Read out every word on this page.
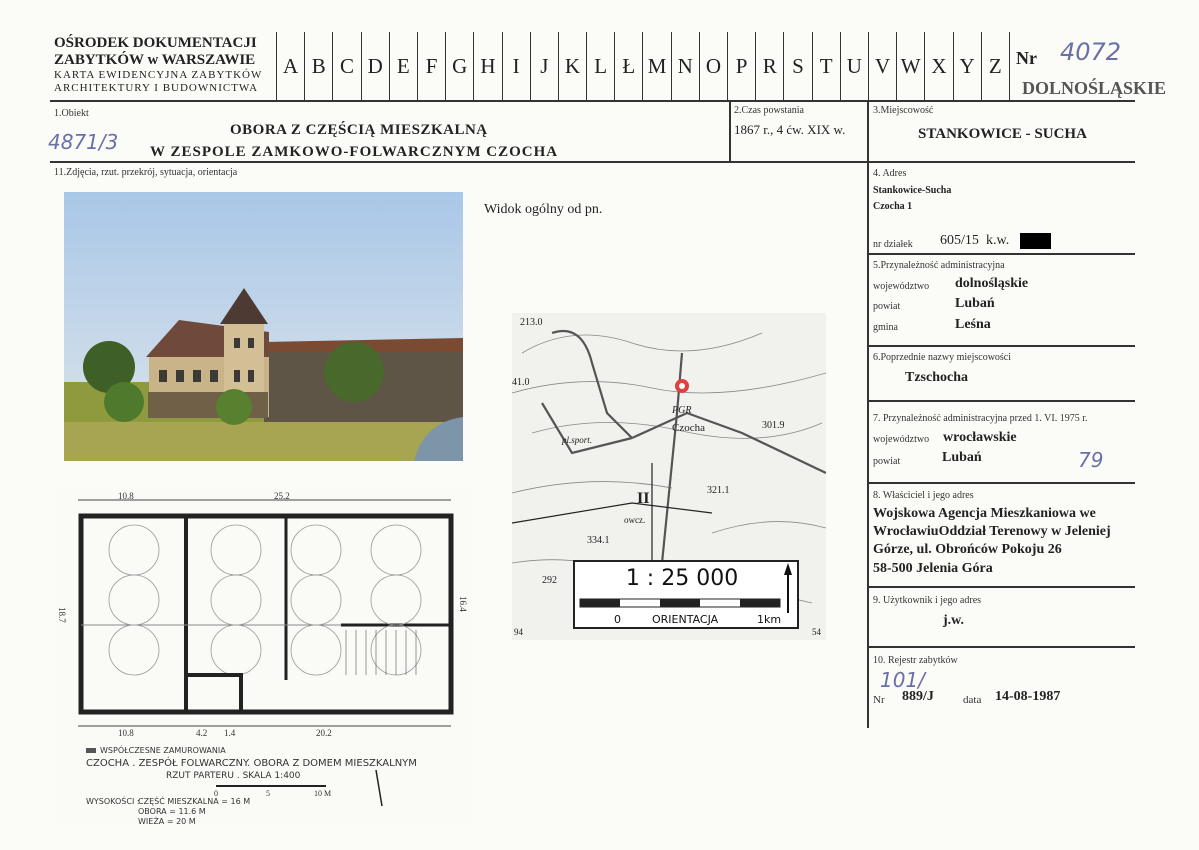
OŚRODEK DOKUMENTACJI
ZABYTKÓW w WARSZAWIE
KARTA EWIDENCYJNA ZABYTKÓW
ARCHITEKTURY I BUDOWNICTWA
A B C D E F G H I J K L Ł M N O P R S T U V W X Y Z Nr 4072
DOLNOŚLĄSKIE
1.Obiekt
4871/3	OBORA Z CZĘŚCIĄ MIESZKALNĄ
W ZESPOLE ZAMKOWO-FOLWARCZNYM CZOCHA
2.Czas powstania
1867 r., 4 ćw. XIX w.
3.Miejscowość
STANKOWICE - SUCHA
11.Zdjęcia, rzut. przekrój, sytuacja, orientacja
Widok ogólny od pn.
PGR
Czocha	301.9
pl.sport.
321.1
334.1
II
41.0
213.0
292
94	54
owcz.
1 : 25 000
0	ORIENTACJA	1km
10.8	25.2
10.8	4.2 1.4	20.2
18.7
16.4
WSPÓŁCZESNE ZAMUROWANIA
CZOCHA . ZESPÓŁ FOLWARCZNY. OBORA Z DOMEM MIESZKALNYM
RZUT PARTERU . SKALA 1:400
0	5	10 M
WYSOKOŚCI :
CZĘŚĆ MIESZKALNA = 16 M
OBORA = 11.6 M
WIEŻA = 20 M
4. Adres
Stankowice-Sucha
Czocha 1
nr działek 605/15 k.w.
5.Przynależność administracyjna
województwo dolnośląskie
powiat	Lubań
gmina	Leśna
6.Poprzednie nazwy miejscowości
Tzschocha
7. Przynależność administracyjna przed 1. VI. 1975 r.
województwo wrocławskie
powiat	Lubań	79
8. Właściciel i jego adres
Wojskowa Agencja Mieszkaniowa we
WrocławiuOddział Terenowy w Jeleniej
Górze, ul. Obrońców Pokoju 26
58-500 Jelenia Góra
9. Użytkownik i jego adres
j.w.
10. Rejestr zabytków
101/
Nr 889/J	data 14-08-1987
